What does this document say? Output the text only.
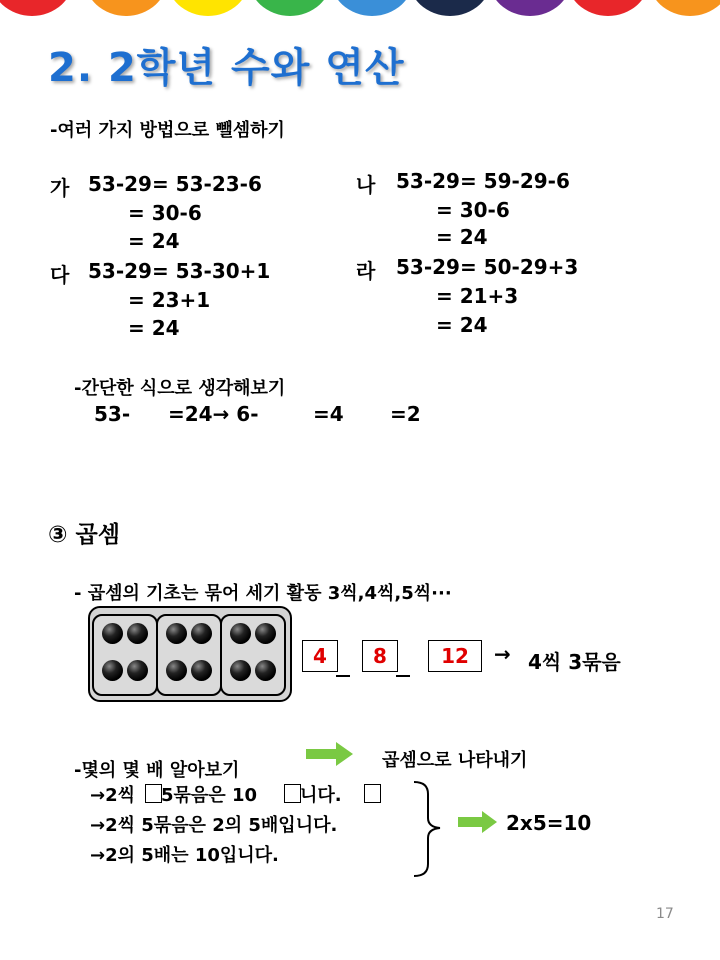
2. 2학년 수와 연산
-여러 가지 방법으로 뺄셈하기
가 53-29= 53-23-6
= 30-6
= 24
나 53-29= 59-29-6
= 30-6
= 24
다 53-29= 53-30+1
= 23+1
= 24
라 53-29= 50-29+3
= 21+3
= 24
-간단한 식으로 생각해보기
53- =24→ 6-	=4 =2
③ 곱셈
- 곱셈의 기초는 묶어 세기 활동 3씩,4씩,5씩···
4	8	12	→ 4씩 3묶음
-몇의 몇 배 알아보기	곱셈으로 나타내기
→2씩 5묶음은 10 니다.
→2씩 5묶음은 2의 5배입니다.
→2의 5배는 10입니다.
2x5=10
17
